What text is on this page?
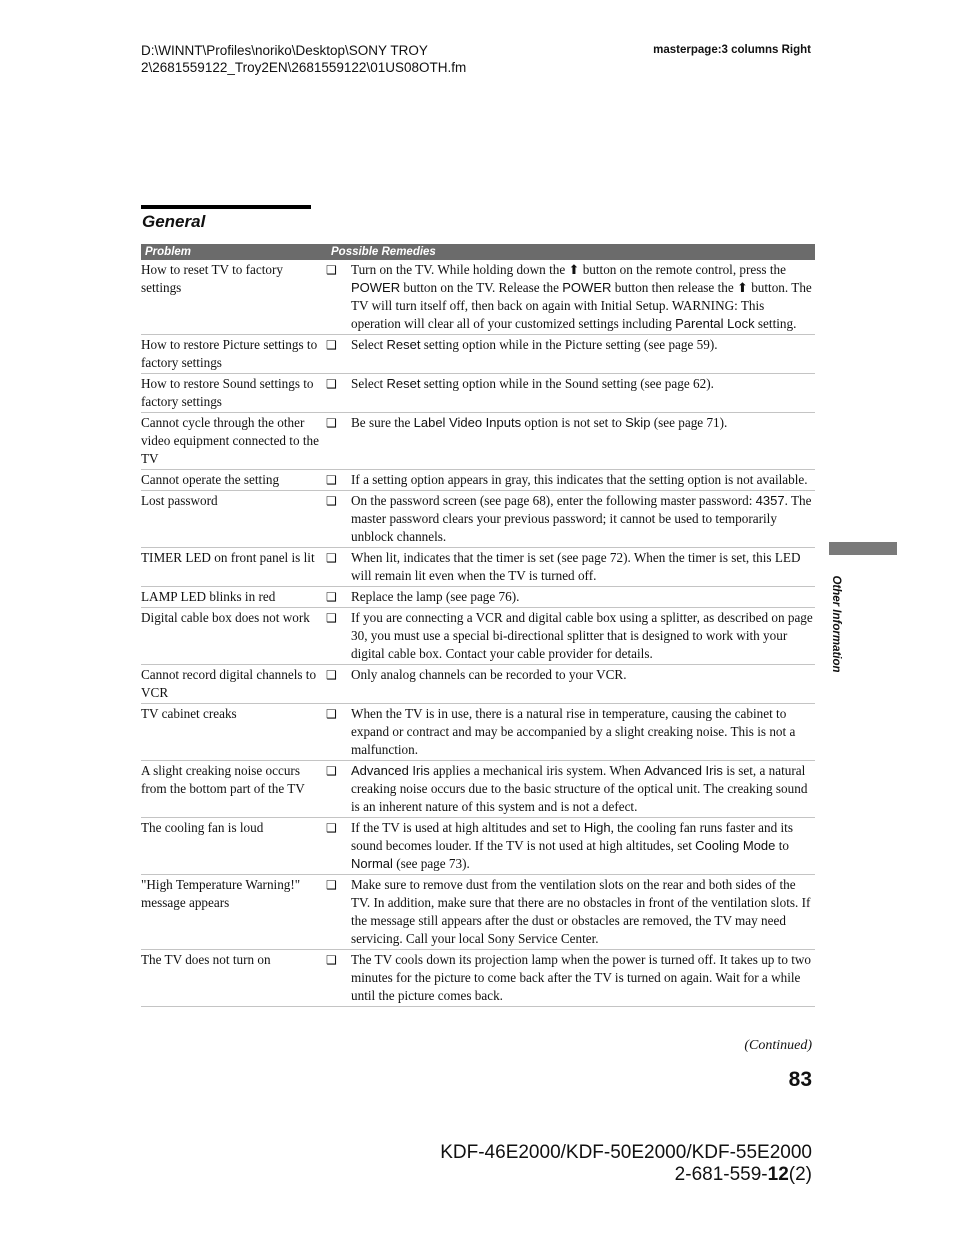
D:\WINNT\Profiles\noriko\Desktop\SONY TROY
2\2681559122_Troy2EN\2681559122\01US08OTH.fm
masterpage:3 columns Right
General
Problem	Possible Remedies
How to reset TV to factory settings
❑	Turn on the TV. While holding down the ⬆ button on the remote control, press the POWER button on the TV. Release the POWER button then release the ⬆ button. The TV will turn itself off, then back on again with Initial Setup. WARNING: This operation will clear all of your customized settings including Parental Lock setting.
How to restore Picture settings to factory settings
❑	Select Reset setting option while in the Picture setting (see page 59).
How to restore Sound settings to factory settings
❑	Select Reset setting option while in the Sound setting (see page 62).
Cannot cycle through the other video equipment connected to the TV
❑	Be sure the Label Video Inputs option is not set to Skip (see page 71).
Cannot operate the setting	❑	If a setting option appears in gray, this indicates that the setting option is not available.
Lost password	❑	On the password screen (see page 68), enter the following master password: 4357. The master password clears your previous password; it cannot be used to temporarily unblock channels.
TIMER LED on front panel is lit ❑	When lit, indicates that the timer is set (see page 72). When the timer is set, this LED will remain lit even when the TV is turned off.
LAMP LED blinks in red	❑	Replace the lamp (see page 76).
Digital cable box does not work	❑	If you are connecting a VCR and digital cable box using a splitter, as described on page 30, you must use a special bi-directional splitter that is designed to work with your digital cable box. Contact your cable provider for details.
Cannot record digital channels to VCR
❑	Only analog channels can be recorded to your VCR.
TV cabinet creaks	❑	When the TV is in use, there is a natural rise in temperature, causing the cabinet to expand or contract and may be accompanied by a slight creaking noise. This is not a malfunction.
A slight creaking noise occurs from the bottom part of the TV
❑	Advanced Iris applies a mechanical iris system. When Advanced Iris is set, a natural creaking noise occurs due to the basic structure of the optical unit. The creaking sound is an inherent nature of this system and is not a defect.
The cooling fan is loud	❑	If the TV is used at high altitudes and set to High, the cooling fan runs faster and its sound becomes louder. If the TV is not used at high altitudes, set Cooling Mode to Normal (see page 73).
"High Temperature Warning!" message appears
❑	Make sure to remove dust from the ventilation slots on the rear and both sides of the TV. In addition, make sure that there are no obstacles in front of the ventilation slots. If the message still appears after the dust or obstacles are removed, the TV may need servicing. Call your local Sony Service Center.
The TV does not turn on	❑	The TV cools down its projection lamp when the power is turned off. It takes up to two minutes for the picture to come back after the TV is turned on again. Wait for a while until the picture comes back.
Other Information
(Continued)
83
KDF-46E2000/KDF-50E2000/KDF-55E2000
2-681-559-12(2)
